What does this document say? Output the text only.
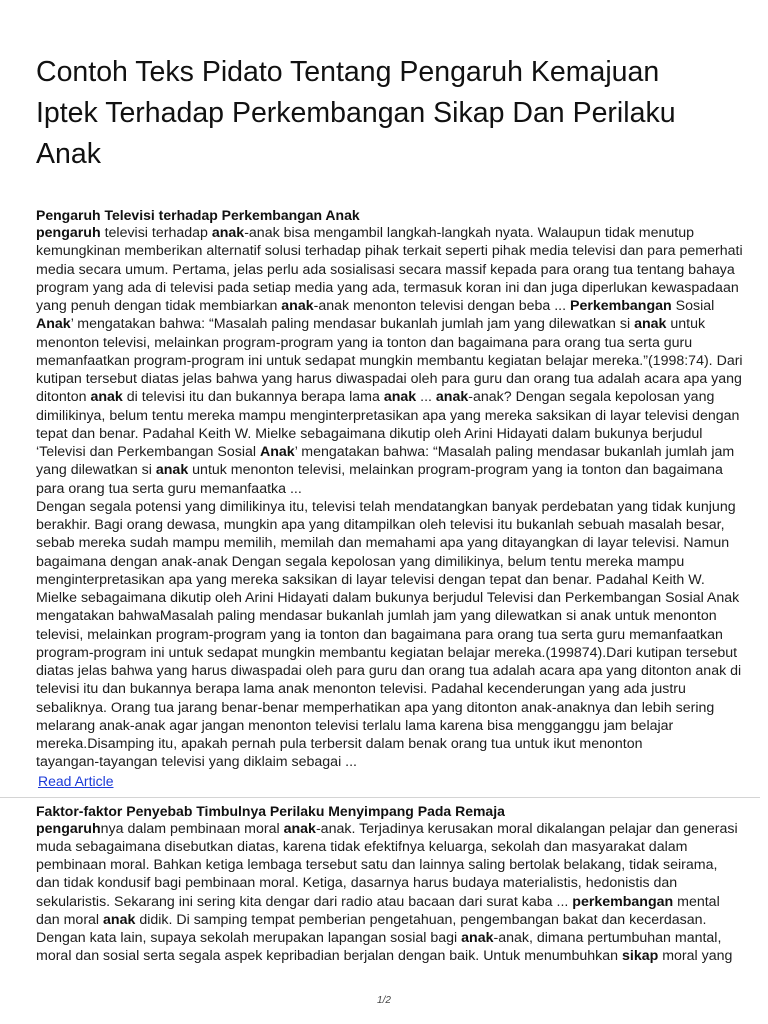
Contoh Teks Pidato Tentang Pengaruh Kemajuan
Iptek Terhadap Perkembangan Sikap Dan Perilaku
Anak
Pengaruh Televisi terhadap Perkembangan Anak
pengaruh televisi terhadap anak-anak bisa mengambil langkah-langkah nyata. Walaupun tidak menutup
kemungkinan memberikan alternatif solusi terhadap pihak terkait seperti pihak media televisi dan para pemerhati
media secara umum. Pertama, jelas perlu ada sosialisasi secara massif kepada para orang tua tentang bahaya
program yang ada di televisi pada setiap media yang ada, termasuk koran ini dan juga diperlukan kewaspadaan
yang penuh dengan tidak membiarkan anak-anak menonton televisi dengan beba ... Perkembangan Sosial
Anak’ mengatakan bahwa: “Masalah paling mendasar bukanlah jumlah jam yang dilewatkan si anak untuk
menonton televisi, melainkan program-program yang ia tonton dan bagaimana para orang tua serta guru
memanfaatkan program-program ini untuk sedapat mungkin membantu kegiatan belajar mereka.”(1998:74). Dari
kutipan tersebut diatas jelas bahwa yang harus diwaspadai oleh para guru dan orang tua adalah acara apa yang
ditonton anak di televisi itu dan bukannya berapa lama anak ... anak-anak? Dengan segala kepolosan yang
dimilikinya, belum tentu mereka mampu menginterpretasikan apa yang mereka saksikan di layar televisi dengan
tepat dan benar. Padahal Keith W. Mielke sebagaimana dikutip oleh Arini Hidayati dalam bukunya berjudul
‘Televisi dan Perkembangan Sosial Anak’ mengatakan bahwa: “Masalah paling mendasar bukanlah jumlah jam
yang dilewatkan si anak untuk menonton televisi, melainkan program-program yang ia tonton dan bagaimana
para orang tua serta guru memanfaatka ...
Dengan segala potensi yang dimilikinya itu, televisi telah mendatangkan banyak perdebatan yang tidak kunjung
berakhir. Bagi orang dewasa, mungkin apa yang ditampilkan oleh televisi itu bukanlah sebuah masalah besar,
sebab mereka sudah mampu memilih, memilah dan memahami apa yang ditayangkan di layar televisi. Namun
bagaimana dengan anak-anak Dengan segala kepolosan yang dimilikinya, belum tentu mereka mampu
menginterpretasikan apa yang mereka saksikan di layar televisi dengan tepat dan benar. Padahal Keith W.
Mielke sebagaimana dikutip oleh Arini Hidayati dalam bukunya berjudul Televisi dan Perkembangan Sosial Anak
mengatakan bahwaMasalah paling mendasar bukanlah jumlah jam yang dilewatkan si anak untuk menonton
televisi, melainkan program-program yang ia tonton dan bagaimana para orang tua serta guru memanfaatkan
program-program ini untuk sedapat mungkin membantu kegiatan belajar mereka.(199874).Dari kutipan tersebut
diatas jelas bahwa yang harus diwaspadai oleh para guru dan orang tua adalah acara apa yang ditonton anak di
televisi itu dan bukannya berapa lama anak menonton televisi. Padahal kecenderungan yang ada justru
sebaliknya. Orang tua jarang benar-benar memperhatikan apa yang ditonton anak-anaknya dan lebih sering
melarang anak-anak agar jangan menonton televisi terlalu lama karena bisa mengganggu jam belajar
mereka.Disamping itu, apakah pernah pula terbersit dalam benak orang tua untuk ikut menonton
tayangan-tayangan televisi yang diklaim sebagai ...
Read Article
Faktor-faktor Penyebab Timbulnya Perilaku Menyimpang Pada Remaja
pengaruhnya dalam pembinaan moral anak-anak. Terjadinya kerusakan moral dikalangan pelajar dan generasi
muda sebagaimana disebutkan diatas, karena tidak efektifnya keluarga, sekolah dan masyarakat dalam
pembinaan moral. Bahkan ketiga lembaga tersebut satu dan lainnya saling bertolak belakang, tidak seirama,
dan tidak kondusif bagi pembinaan moral. Ketiga, dasarnya harus budaya materialistis, hedonistis dan
sekularistis. Sekarang ini sering kita dengar dari radio atau bacaan dari surat kaba ... perkembangan mental
dan moral anak didik. Di samping tempat pemberian pengetahuan, pengembangan bakat dan kecerdasan.
Dengan kata lain, supaya sekolah merupakan lapangan sosial bagi anak-anak, dimana pertumbuhan mantal,
moral dan sosial serta segala aspek kepribadian berjalan dengan baik. Untuk menumbuhkan sikap moral yang
1/2
